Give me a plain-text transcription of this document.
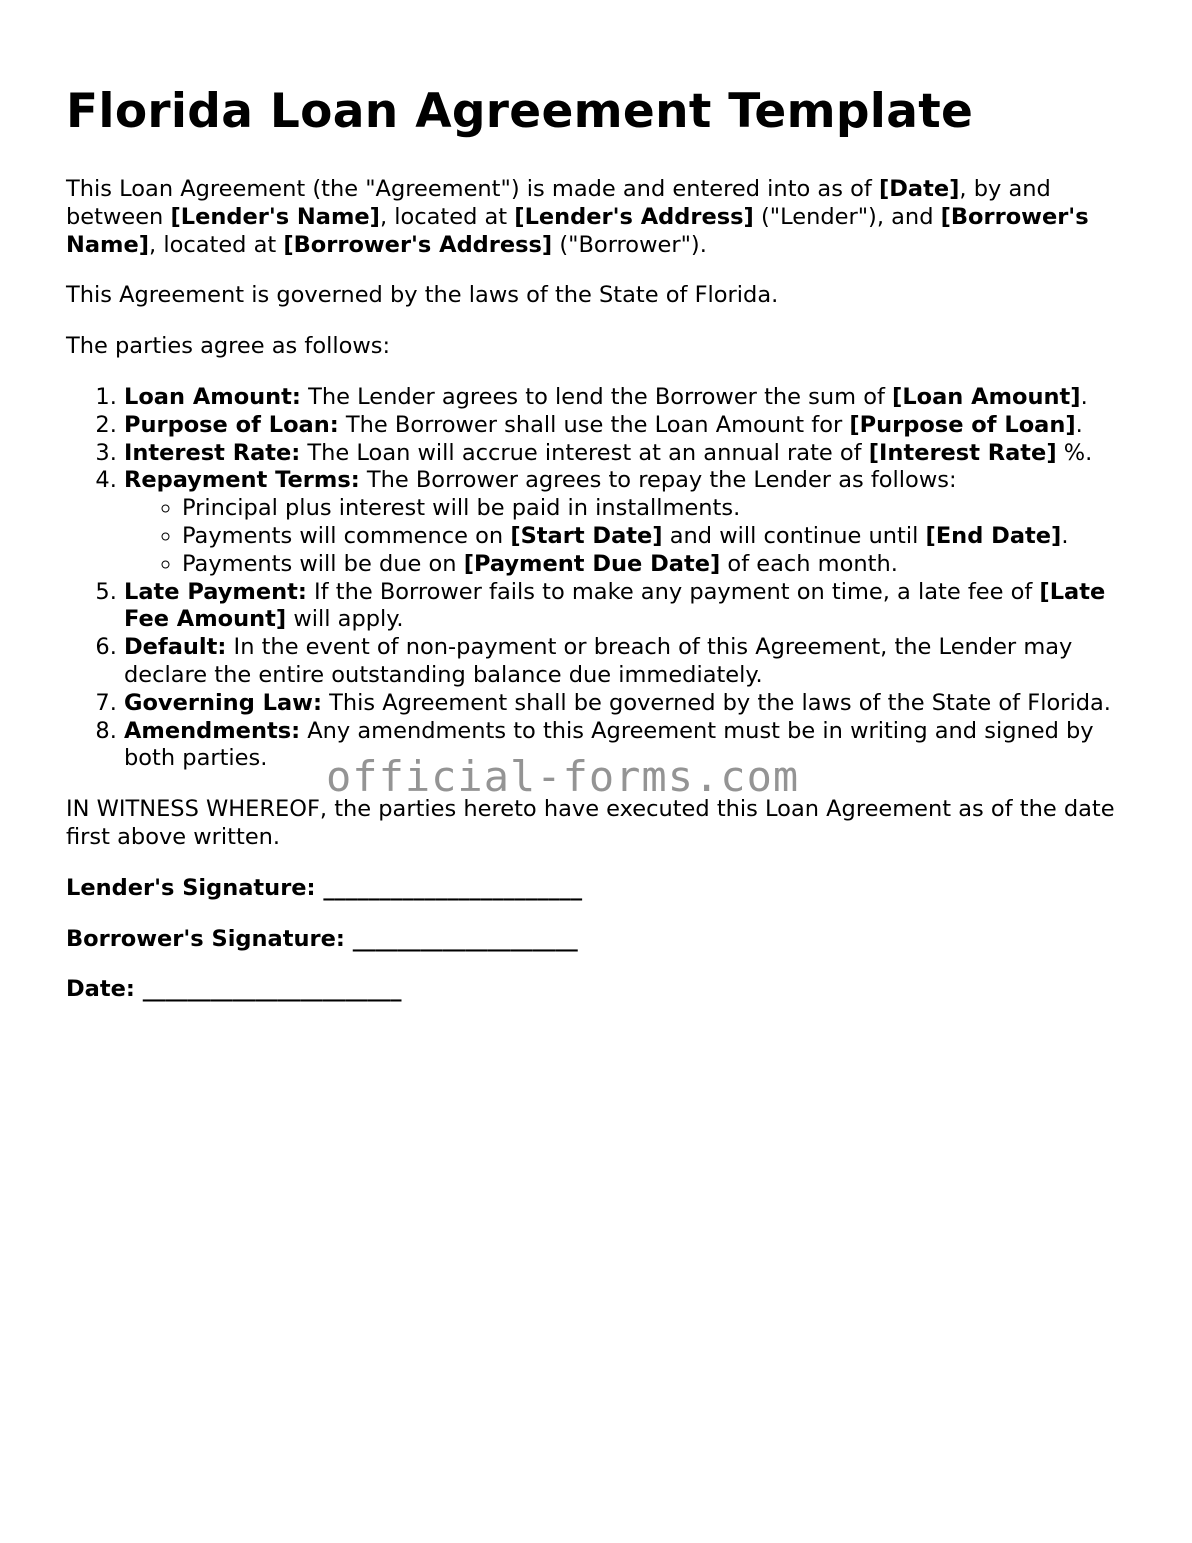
Florida Loan Agreement Template

This Loan Agreement (the "Agreement") is made and entered into as of [Date], by and between [Lender's Name], located at [Lender's Address] ("Lender"), and [Borrower's Name], located at [Borrower's Address] ("Borrower").

This Agreement is governed by the laws of the State of Florida.

The parties agree as follows:

1. Loan Amount: The Lender agrees to lend the Borrower the sum of [Loan Amount].
2. Purpose of Loan: The Borrower shall use the Loan Amount for [Purpose of Loan].
3. Interest Rate: The Loan will accrue interest at an annual rate of [Interest Rate] %.
4. Repayment Terms: The Borrower agrees to repay the Lender as follows:
◦ Principal plus interest will be paid in installments.
◦ Payments will commence on [Start Date] and will continue until [End Date].
◦ Payments will be due on [Payment Due Date] of each month.
5. Late Payment: If the Borrower fails to make any payment on time, a late fee of [Late Fee Amount] will apply.
6. Default: In the event of non-payment or breach of this Agreement, the Lender may declare the entire outstanding balance due immediately.
7. Governing Law: This Agreement shall be governed by the laws of the State of Florida.
8. Amendments: Any amendments to this Agreement must be in writing and signed by both parties.

IN WITNESS WHEREOF, the parties hereto have executed this Loan Agreement as of the date first above written.

Lender's Signature: _______________________

Borrower's Signature: ____________________

Date: _______________________

official-forms.com
